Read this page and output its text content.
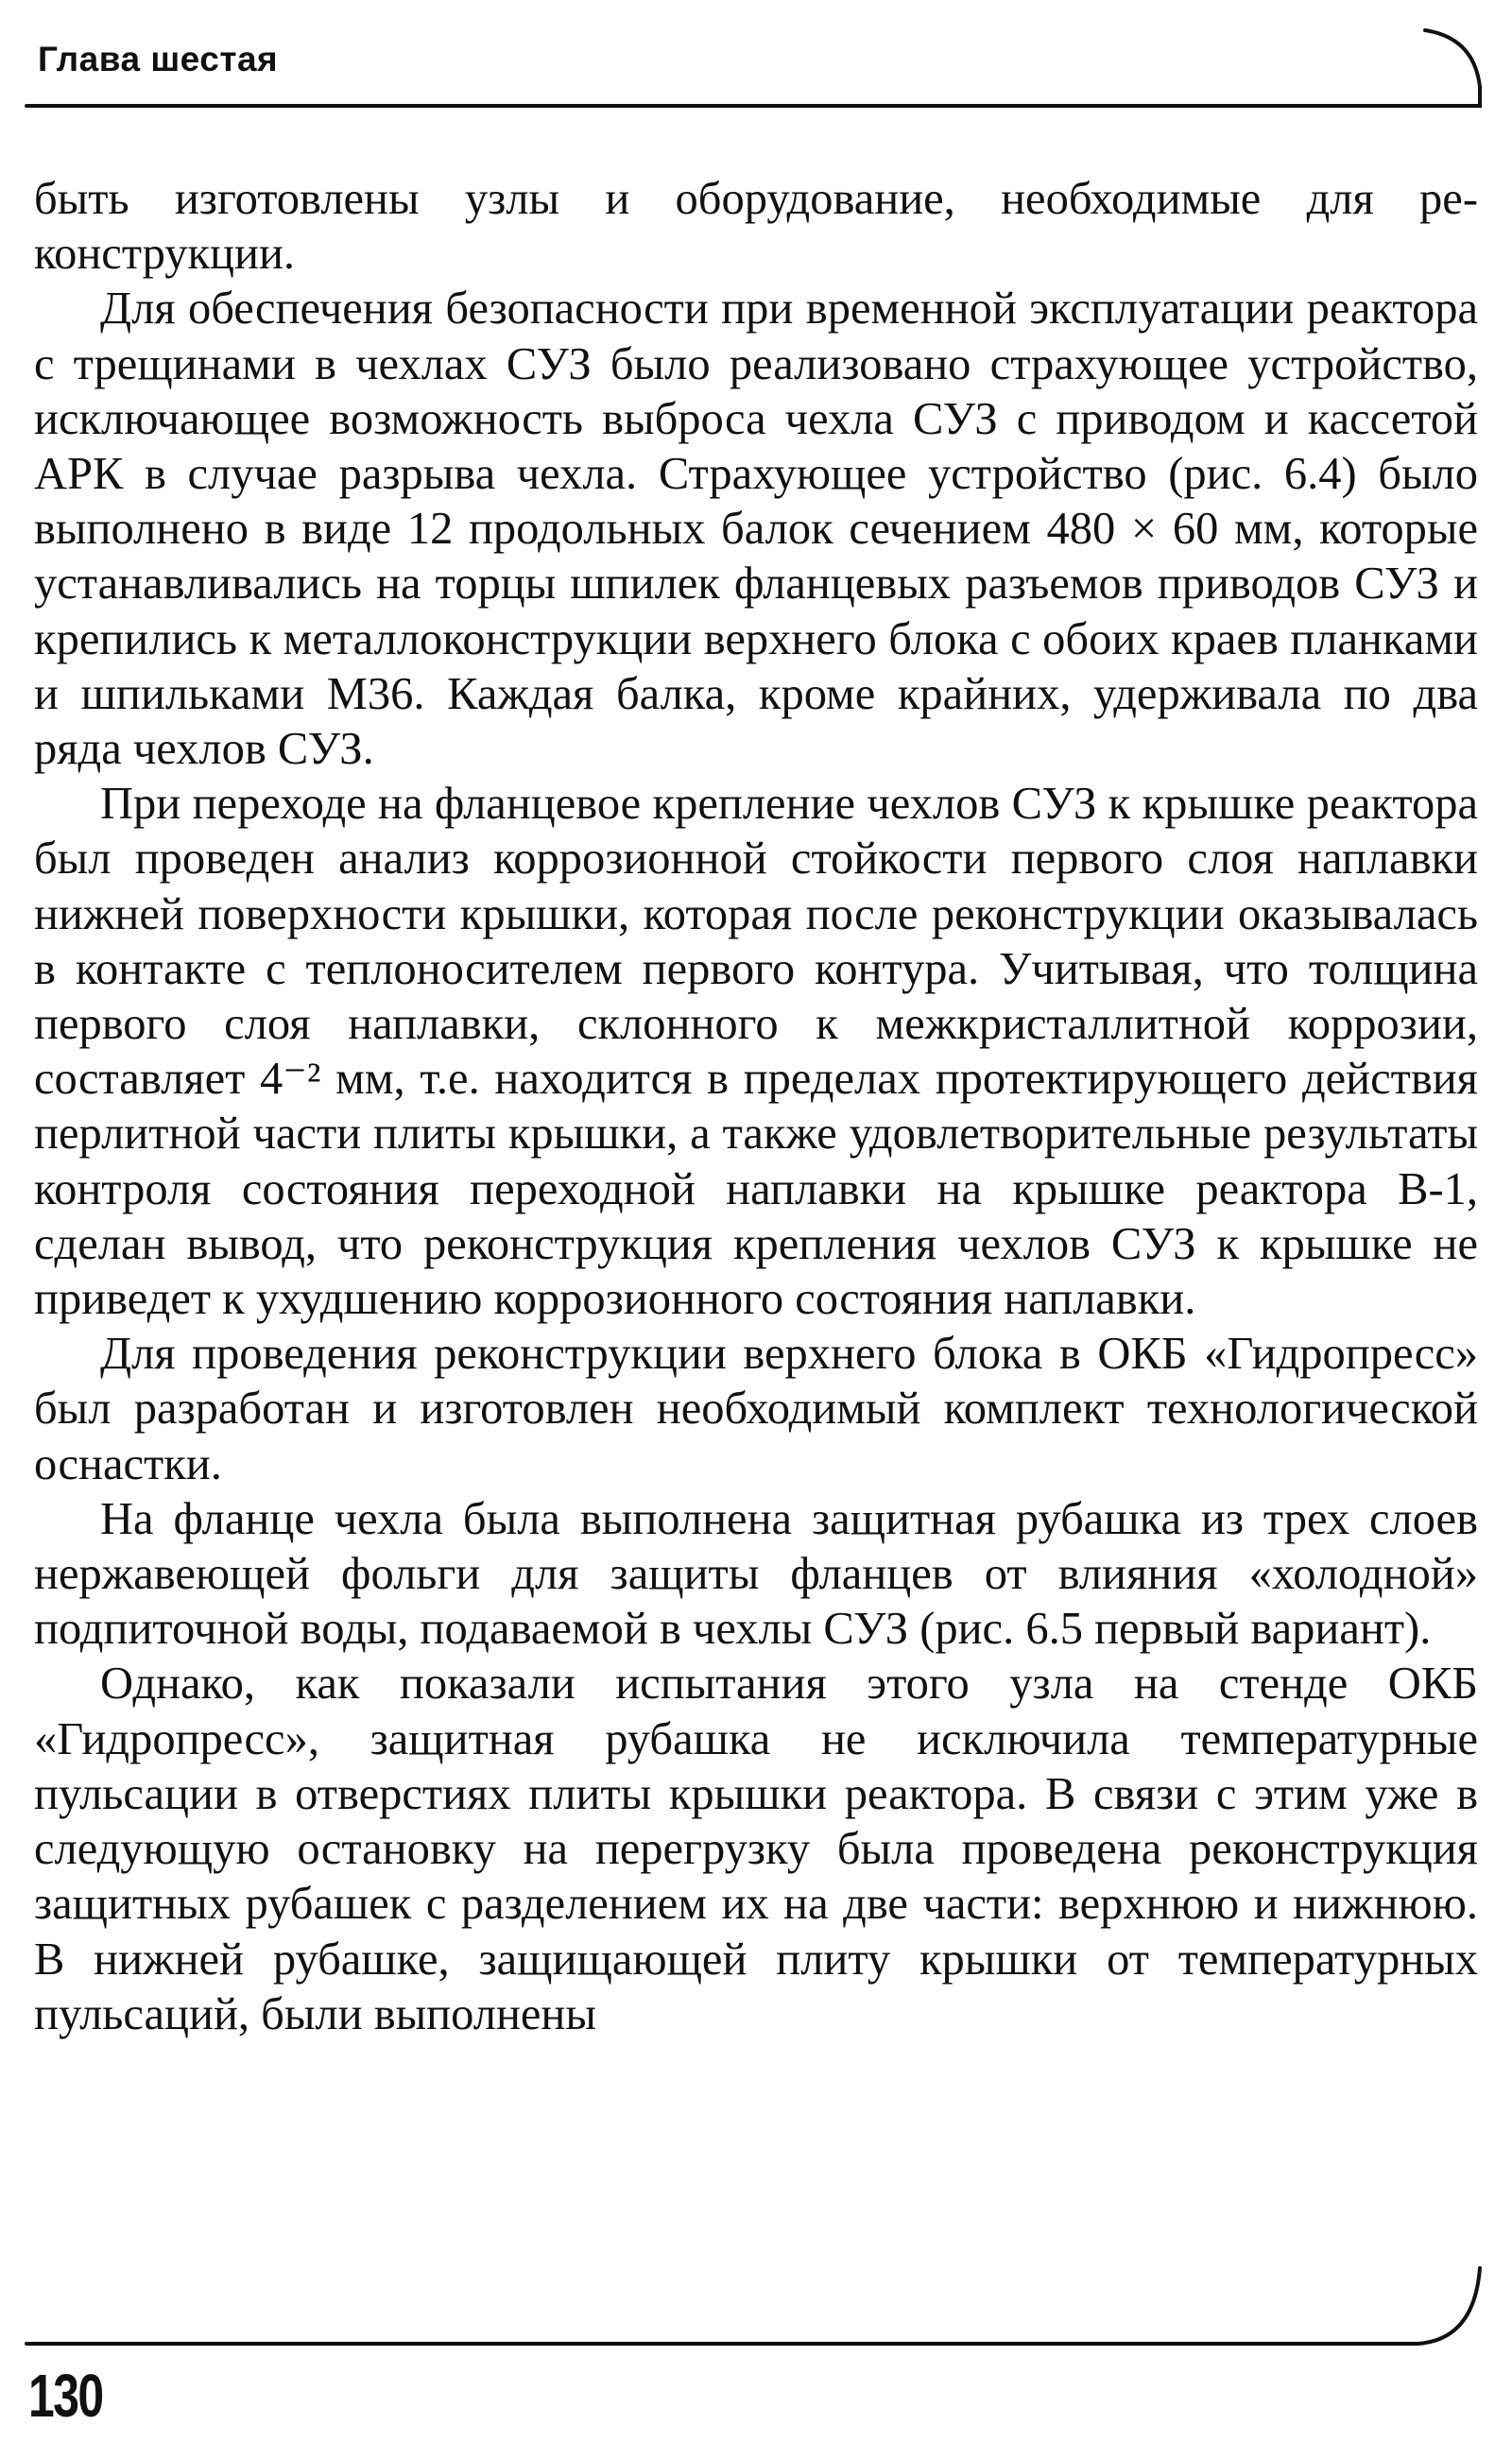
Глава шестая

быть изготовлены узлы и оборудование, необходимые для реконструкции.

Для обеспечения безопасности при временной эксплуатации реактора с трещинами в чехлах СУЗ было реализовано страхующее устройство, исключающее возможность выброса чехла СУЗ с приводом и кассетой АРК в случае разрыва чехла. Страхующее устройство (рис. 6.4) было выполнено в виде 12 продольных балок сечением 480 × 60 мм, которые устанавливались на торцы шпилек фланцевых разъемов приводов СУЗ и крепились к металлоконструкции верхнего блока с обоих краев планками и шпильками М36. Каждая балка, кроме крайних, удерживала по два ряда чехлов СУЗ.

При переходе на фланцевое крепление чехлов СУЗ к крышке реактора был проведен анализ коррозионной стойкости первого слоя наплавки нижней поверхности крышки, которая после реконструкции оказывалась в контакте с теплоносителем первого контура. Учитывая, что толщина первого слоя наплавки, склонного к межкристаллитной коррозии, составляет 4⁻² мм, т.е. находится в пределах протектирующего действия перлитной части плиты крышки, а также удовлетворительные результаты контроля состояния переходной наплавки на крышке реактора В-1, сделан вывод, что реконструкция крепления чехлов СУЗ к крышке не приведет к ухудшению коррозионного состояния наплавки.

Для проведения реконструкции верхнего блока в ОКБ «Гидропресс» был разработан и изготовлен необходимый комплект технологической оснастки.

На фланце чехла была выполнена защитная рубашка из трех слоев нержавеющей фольги для защиты фланцев от влияния «холодной» подпиточной воды, подаваемой в чехлы СУЗ (рис. 6.5 первый вариант).

Однако, как показали испытания этого узла на стенде ОКБ «Гидропресс», защитная рубашка не исключила температурные пульсации в отверстиях плиты крышки реактора. В связи с этим уже в следующую остановку на перегрузку была проведена реконструкция защитных рубашек с разделением их на две части: верхнюю и нижнюю. В нижней рубашке, защищающей плиту крышки от температурных пульсаций, были выполнены

130
